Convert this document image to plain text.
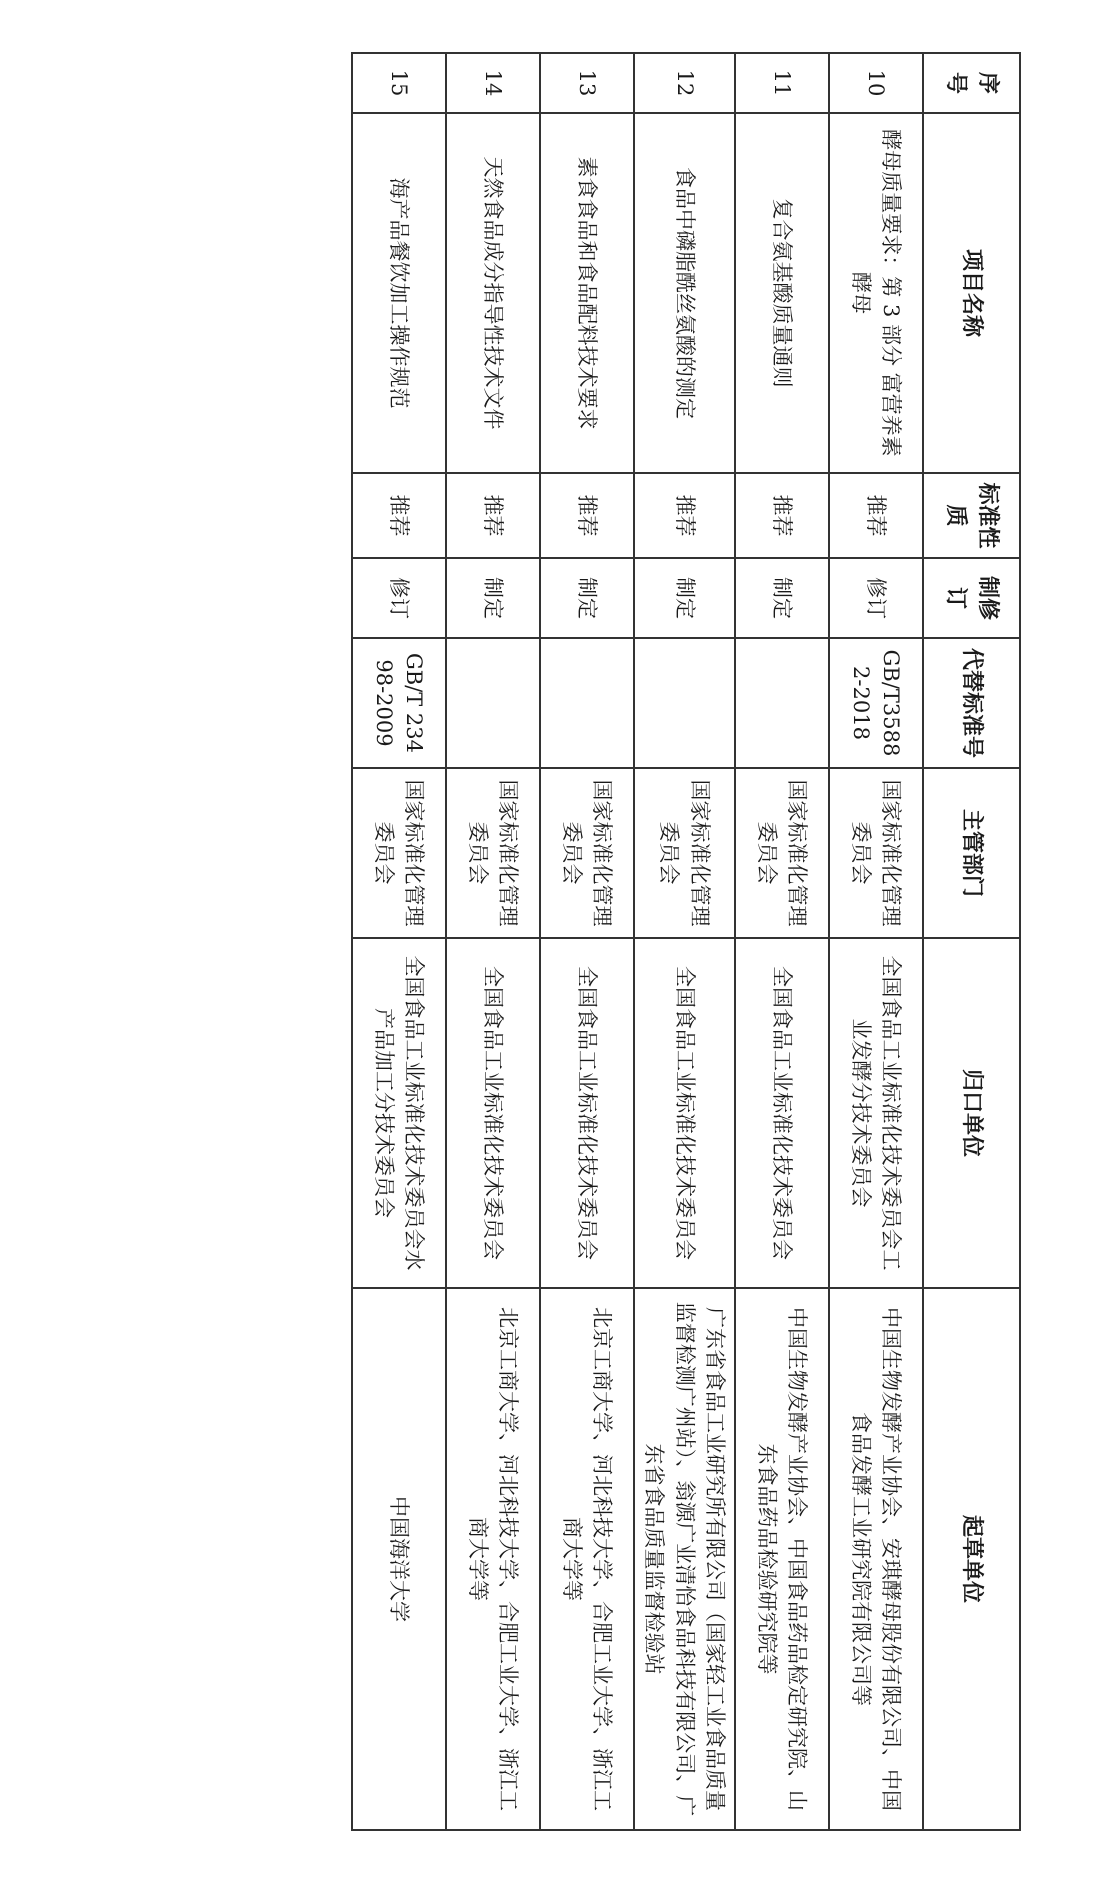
序号	项目名称	标准性质	制修订	代替标准号	主管部门	归口单位	起草单位
10	酵母质量要求：第 3 部分 富营养素酵母	推荐	修订	GB/T35882-2018	国家标准化管理委员会	全国食品工业标准化技术委员会工业发酵分技术委员会	中国生物发酵产业协会、安琪酵母股份有限公司、中国食品发酵工业研究院有限公司等
11	复合氨基酸质量通则	推荐	制定		国家标准化管理委员会	全国食品工业标准化技术委员会	中国生物发酵产业协会、中国食品药品检定研究院、山东食品药品检验研究院等
12	食品中磷脂酰丝氨酸的测定	推荐	制定		国家标准化管理委员会	全国食品工业标准化技术委员会	广东省食品工业研究所有限公司（国家轻工业食品质量监督检测广州站）、翁源广业清怡食品科技有限公司、广东省食品质量监督检验站
13	素食食品和食品配料技术要求	推荐	制定		国家标准化管理委员会	全国食品工业标准化技术委员会	北京工商大学、河北科技大学、合肥工业大学、浙江工商大学等
14	天然食品成分指导性技术文件	推荐	制定		国家标准化管理委员会	全国食品工业标准化技术委员会	北京工商大学、河北科技大学、合肥工业大学、浙江工商大学等
15	海产品餐饮加工操作规范	推荐	修订	GB/T 23498-2009	国家标准化管理委员会	全国食品工业标准化技术委员会水产品加工分技术委员会	中国海洋大学
